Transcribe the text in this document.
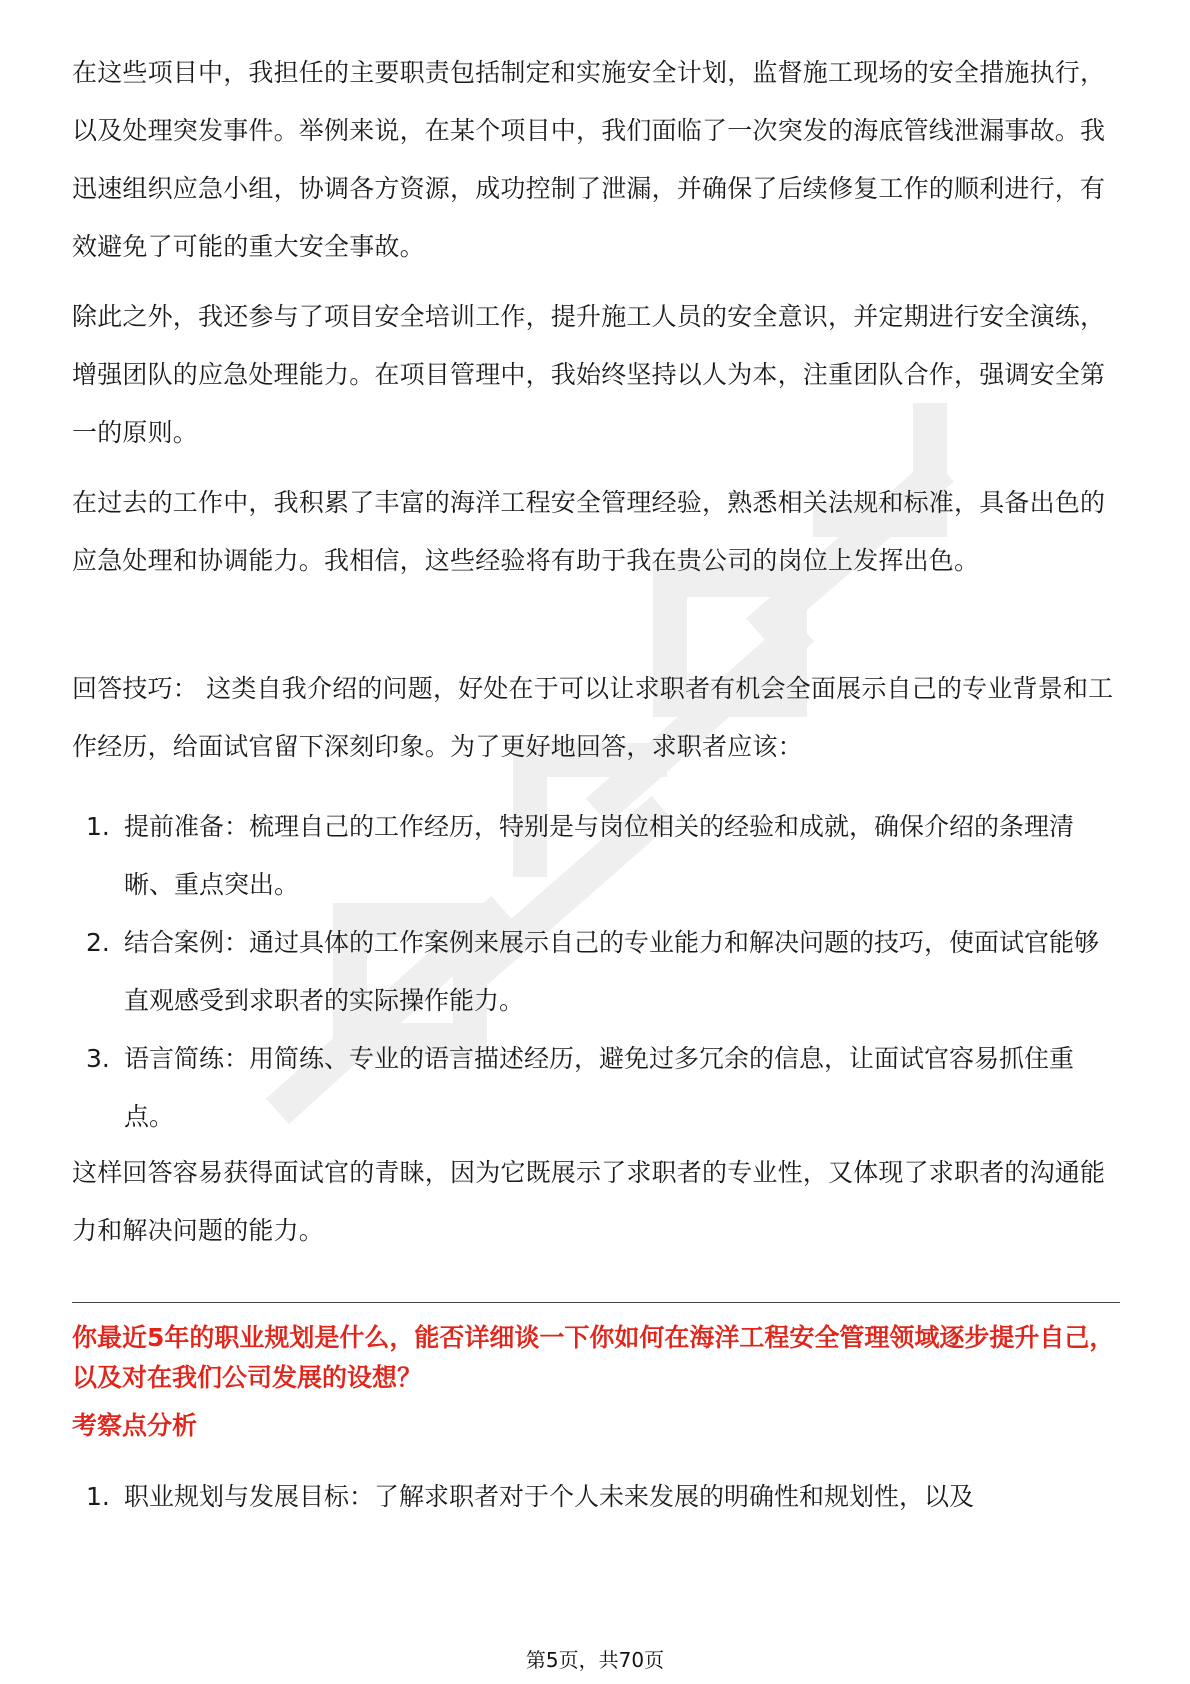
在这些项目中，我担任的主要职责包括制定和实施安全计划，监督施工现场的安全措施执行，以及处理突发事件。举例来说，在某个项目中，我们面临了一次突发的海底管线泄漏事故。我迅速组织应急小组，协调各方资源，成功控制了泄漏，并确保了后续修复工作的顺利进行，有效避免了可能的重大安全事故。

除此之外，我还参与了项目安全培训工作，提升施工人员的安全意识，并定期进行安全演练，增强团队的应急处理能力。在项目管理中，我始终坚持以人为本，注重团队合作，强调安全第一的原则。

在过去的工作中，我积累了丰富的海洋工程安全管理经验，熟悉相关法规和标准，具备出色的应急处理和协调能力。我相信，这些经验将有助于我在贵公司的岗位上发挥出色。

回答技巧： 这类自我介绍的问题，好处在于可以让求职者有机会全面展示自己的专业背景和工作经历，给面试官留下深刻印象。为了更好地回答，求职者应该：

1. 提前准备：梳理自己的工作经历，特别是与岗位相关的经验和成就，确保介绍的条理清晰、重点突出。
2. 结合案例：通过具体的工作案例来展示自己的专业能力和解决问题的技巧，使面试官能够直观感受到求职者的实际操作能力。
3. 语言简练：用简练、专业的语言描述经历，避免过多冗余的信息，让面试官容易抓住重点。

这样回答容易获得面试官的青睐，因为它既展示了求职者的专业性，又体现了求职者的沟通能力和解决问题的能力。

你最近5年的职业规划是什么，能否详细谈一下你如何在海洋工程安全管理领域逐步提升自己，以及对在我们公司发展的设想？

考察点分析

1. 职业规划与发展目标：了解求职者对于个人未来发展的明确性和规划性，以及
第5页，共70页
